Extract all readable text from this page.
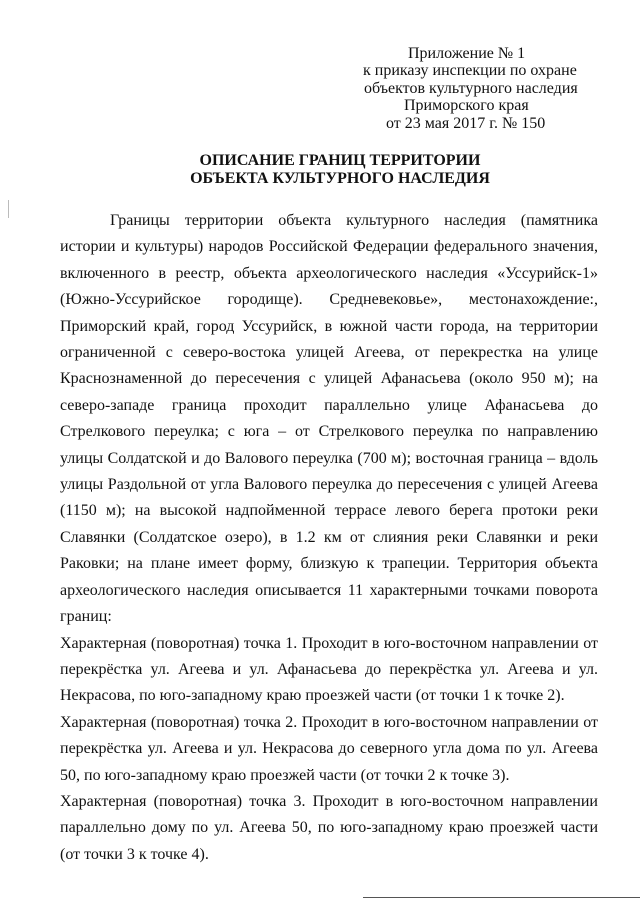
Приложение № 1
к приказу инспекции по охране
объектов культурного наследия
Приморского края
от 23 мая 2017 г. № 150
ОПИСАНИЕ ГРАНИЦ ТЕРРИТОРИИ
ОБЪЕКТА КУЛЬТУРНОГО НАСЛЕДИЯ

Границы территории объекта культурного наследия (памятника истории и культуры) народов Российской Федерации федерального значения, включенного в реестр, объекта археологического наследия «Уссурийск-1» (Южно-Уссурийское городище). Средневековье», местонахождение:, Приморский край, город Уссурийск, в южной части города, на территории ограниченной с северо-востока улицей Агеева, от перекрестка на улице Краснознаменной до пересечения с улицей Афанасьева (около 950 м); на северо-западе граница проходит параллельно улице Афанасьева до Стрелкового переулка; с юга – от Стрелкового переулка по направлению улицы Солдатской и до Валового переулка (700 м); восточная граница – вдоль улицы Раздольной от угла Валового переулка до пересечения с улицей Агеева (1150 м); на высокой надпойменной террасе левого берега протоки реки Славянки (Солдатское озеро), в 1.2 км от слияния реки Славянки и реки Раковки; на плане имеет форму, близкую к трапеции. Территория объекта археологического наследия описывается 11 характерными точками поворота границ:

Характерная (поворотная) точка 1. Проходит в юго-восточном направлении от перекрёстка ул. Агеева и ул. Афанасьева до перекрёстка ул. Агеева и ул. Некрасова, по юго-западному краю проезжей части (от точки 1 к точке 2).

Характерная (поворотная) точка 2. Проходит в юго-восточном направлении от перекрёстка ул. Агеева и ул. Некрасова до северного угла дома по ул. Агеева 50, по юго-западному краю проезжей части (от точки 2 к точке 3).

Характерная (поворотная) точка 3. Проходит в юго-восточном направлении параллельно дому по ул. Агеева 50, по юго-западному краю проезжей части (от точки 3 к точке 4).
